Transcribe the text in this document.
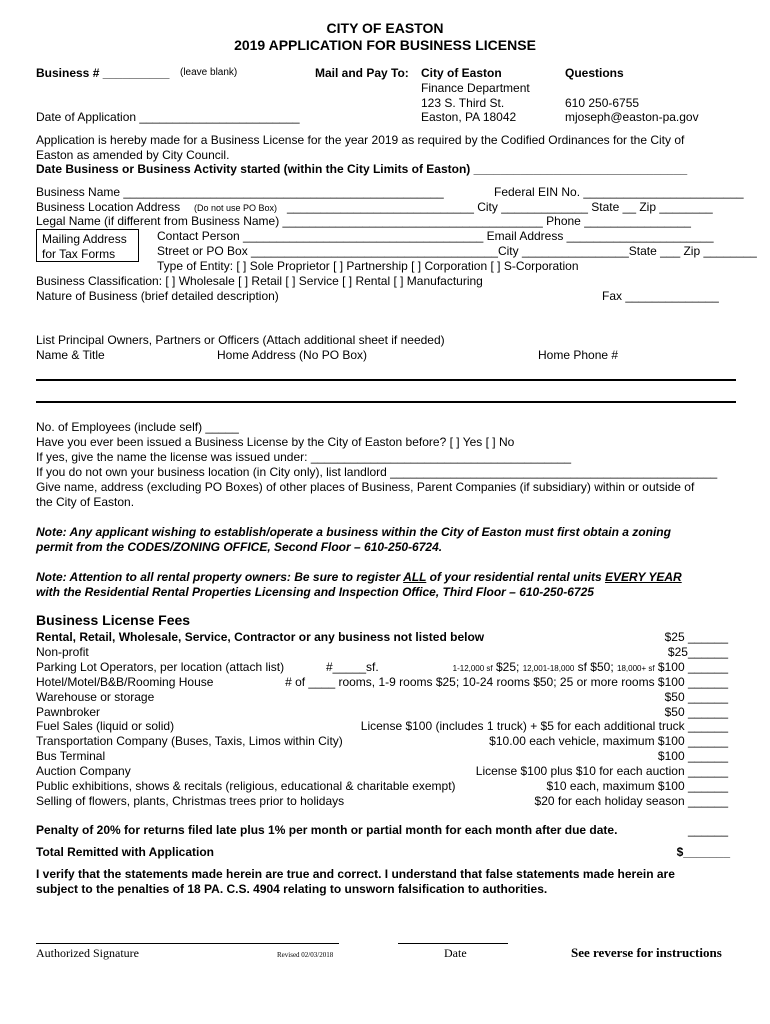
CITY OF EASTON
2019 APPLICATION FOR BUSINESS LICENSE
Business # __________ (leave blank)
Date of Application ________________________
Mail and Pay To: City of Easton
Finance Department
123 S. Third St.
Easton, PA 18042
Questions
610 250-6755
mjoseph@easton-pa.gov
Application is hereby made for a Business License for the year 2019 as required by the Codified Ordinances for the City of
Easton as amended by City Council.
Date Business or Business Activity started (within the City Limits of Easton) ________________________________
Business Name ________________________________________________	Federal EIN No. ________________________
Business Location Address (Do not use PO Box) ____________________________ City _____________ State __ Zip ________
Legal Name (if different from Business Name) _______________________________________ Phone ________________
Mailing Address
for Tax Forms
Contact Person ____________________________________ Email Address ______________________
Street or PO Box _____________________________________City ________________State ___ Zip ________
Type of Entity: [ ] Sole Proprietor [ ] Partnership [ ] Corporation [ ] S-Corporation
Business Classification: [ ] Wholesale [ ] Retail [ ] Service [ ] Rental [ ] Manufacturing
Nature of Business (brief detailed description)	Fax ______________
List Principal Owners, Partners or Officers (Attach additional sheet if needed)
Name & Title	Home Address (No PO Box)	Home Phone #
No. of Employees (include self) _____
Have you ever been issued a Business License by the City of Easton before? [ ] Yes [ ] No
If yes, give the name the license was issued under: _______________________________________
If you do not own your business location (in City only), list landlord _________________________________________________
Give name, address (excluding PO Boxes) of other places of Business, Parent Companies (if subsidiary) within or outside of
the City of Easton.
Note: Any applicant wishing to establish/operate a business within the City of Easton must first obtain a zoning
permit from the CODES/ZONING OFFICE, Second Floor – 610-250-6724.
Note: Attention to all rental property owners: Be sure to register ALL of your residential rental units EVERY YEAR
with the Residential Rental Properties Licensing and Inspection Office, Third Floor – 610-250-6725
Business License Fees
Rental, Retail, Wholesale, Service, Contractor or any business not listed below	$25 ______
Non-profit	$25______
Parking Lot Operators, per location (attach list)	#_____sf.	1-12,000 sf $25; 12,001-18,000 sf $50; 18,000+ sf $100 ______
Hotel/Motel/B&B/Rooming House	# of ____ rooms, 1-9 rooms $25; 10-24 rooms $50; 25 or more rooms $100 ______
Warehouse or storage	$50 ______
Pawnbroker	$50 ______
Fuel Sales (liquid or solid)	License $100 (includes 1 truck) + $5 for each additional truck ______
Transportation Company (Buses, Taxis, Limos within City)	$10.00 each vehicle, maximum $100 ______
Bus Terminal	$100 ______
Auction Company	License $100 plus $10 for each auction ______
Public exhibitions, shows & recitals (religious, educational & charitable exempt)	$10 each, maximum $100 ______
Selling of flowers, plants, Christmas trees prior to holidays	$20 for each holiday season ______
Penalty of 20% for returns filed late plus 1% per month or partial month for each month after due date.	______
Total Remitted with Application	$_______
I verify that the statements made herein are true and correct. I understand that false statements made herein are
subject to the penalties of 18 PA. C.S. 4904 relating to unsworn falsification to authorities.
Authorized Signature	Revised 02/03/2018	Date	See reverse for instructions
